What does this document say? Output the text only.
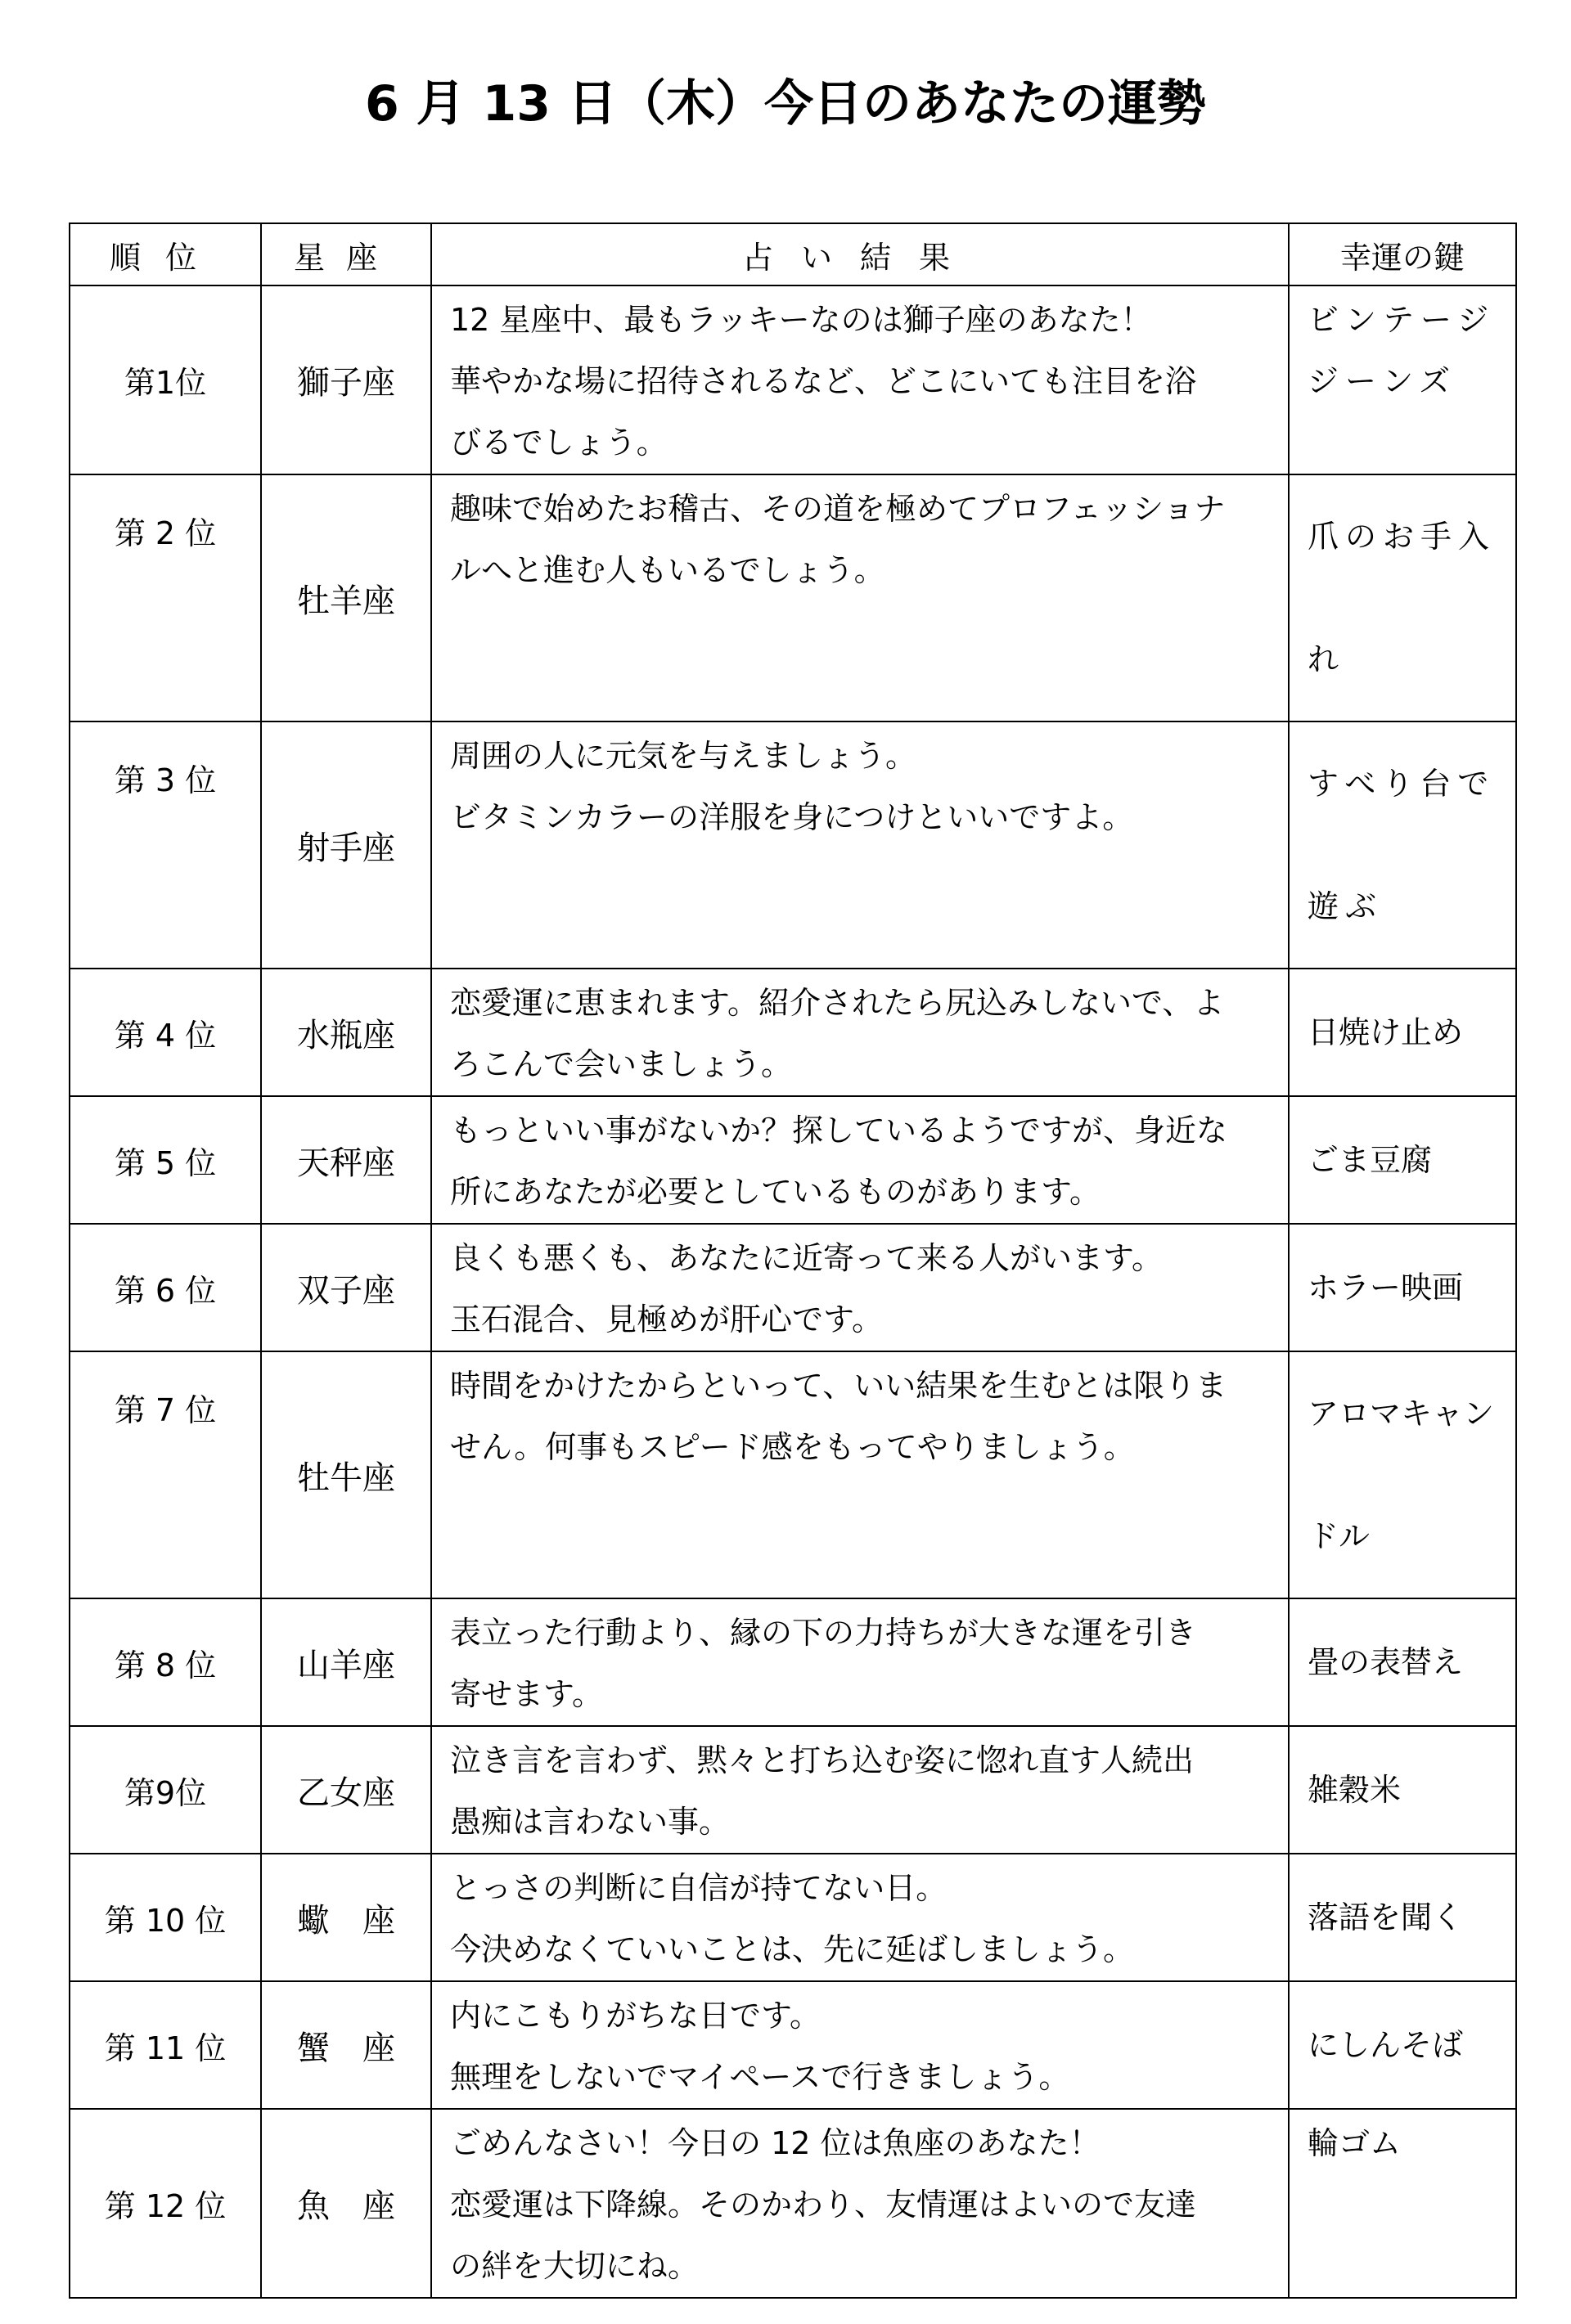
6 月 13 日（木）今日のあなたの運勢
順位	星座	占い結果	幸運の鍵
第1位	獅子座	12 星座中、最もラッキーなのは獅子座のあなた！
華やかな場に招待されるなど、どこにいても注目を浴
びるでしょう。	ビンテージ
ジーンズ

第 2 位	牡羊座	趣味で始めたお稽古、その道を極めてプロフェッショナ
ルへと進む人もいるでしょう。	爪のお手入
れ

第 3 位	射手座	周囲の人に元気を与えましょう。
ビタミンカラーの洋服を身につけといいですよ。	すべり台で
遊ぶ

第 4 位	水瓶座	恋愛運に恵まれます。紹介されたら尻込みしないで、よ
ろこんで会いましょう。	日焼け止め

第 5 位	天秤座	もっといい事がないか？探しているようですが、身近な
所にあなたが必要としているものがあります。	ごま豆腐

第 6 位	双子座	良くも悪くも、あなたに近寄って来る人がいます。
玉石混合、見極めが肝心です。	ホラー映画

第 7 位	牡牛座	時間をかけたからといって、いい結果を生むとは限りま
せん。何事もスピード感をもってやりましょう。	アロマキャン
ドル

第 8 位	山羊座	表立った行動より、縁の下の力持ちが大きな運を引き
寄せます。	畳の表替え

第9位	乙女座	泣き言を言わず、黙々と打ち込む姿に惚れ直す人続出
愚痴は言わない事。	雑穀米

第 10 位	蠍　座	とっさの判断に自信が持てない日。
今決めなくていいことは、先に延ばしましょう。	落語を聞く

第 11 位	蟹　座	内にこもりがちな日です。
無理をしないでマイペースで行きましょう。	にしんそば

第 12 位	魚　座	ごめんなさい！今日の 12 位は魚座のあなた！
恋愛運は下降線。そのかわり、友情運はよいので友達
の絆を大切にね。	輪ゴム
